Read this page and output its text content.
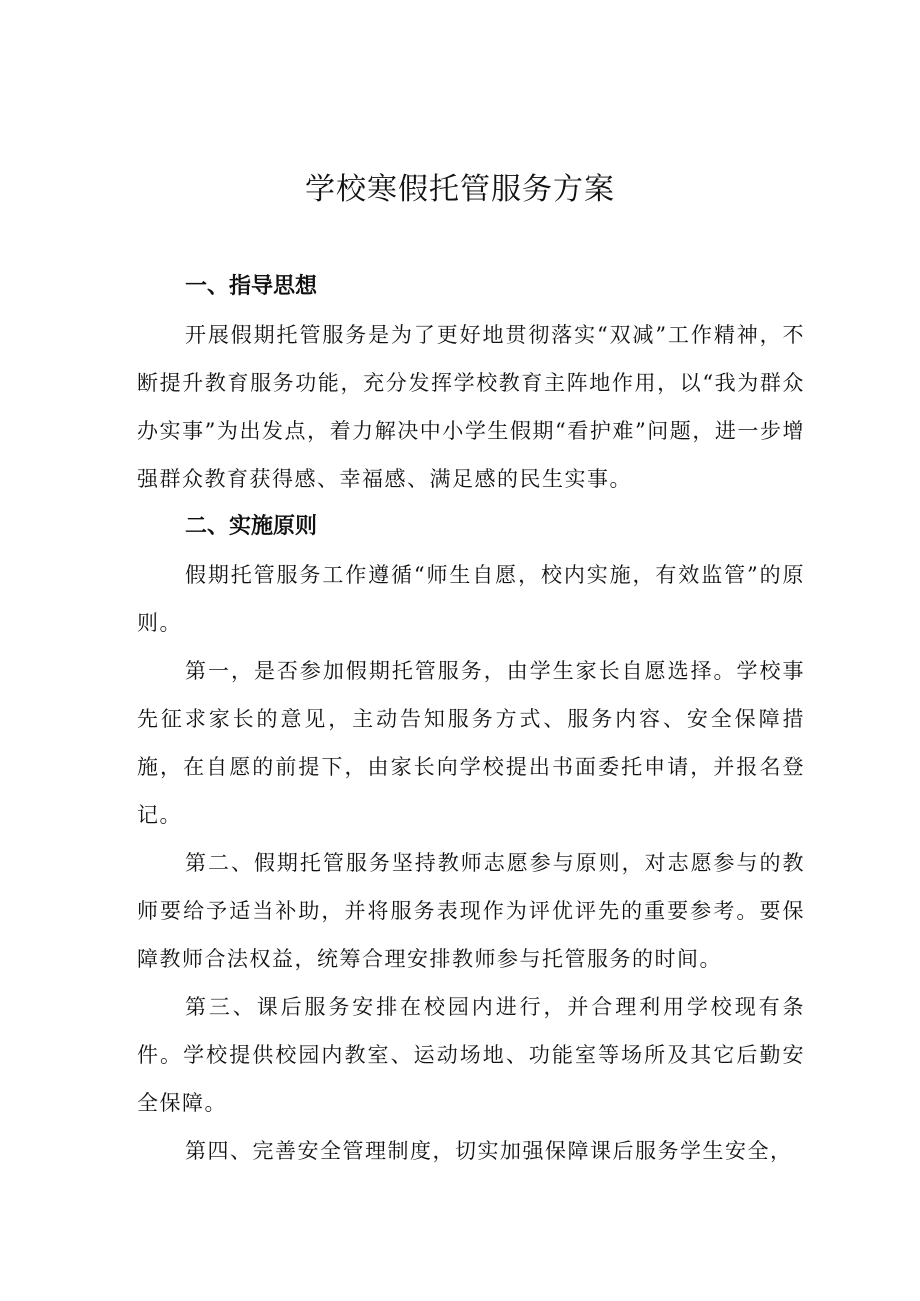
学校寒假托管服务方案
一、指导思想

开展假期托管服务是为了更好地贯彻落实“双减”工作精神，不断提升教育服务功能，充分发挥学校教育主阵地作用，以“我为群众办实事”为出发点，着力解决中小学生假期“看护难”问题，进一步增强群众教育获得感、幸福感、满足感的民生实事。

二、实施原则

假期托管服务工作遵循“师生自愿，校内实施，有效监管”的原则。

第一，是否参加假期托管服务，由学生家长自愿选择。学校事先征求家长的意见，主动告知服务方式、服务内容、安全保障措施，在自愿的前提下，由家长向学校提出书面委托申请，并报名登记。

第二、假期托管服务坚持教师志愿参与原则，对志愿参与的教师要给予适当补助，并将服务表现作为评优评先的重要参考。要保障教师合法权益，统筹合理安排教师参与托管服务的时间。

第三、课后服务安排在校园内进行，并合理利用学校现有条件。学校提供校园内教室、运动场地、功能室等场所及其它后勤安全保障。

第四、完善安全管理制度，切实加强保障课后服务学生安全，
